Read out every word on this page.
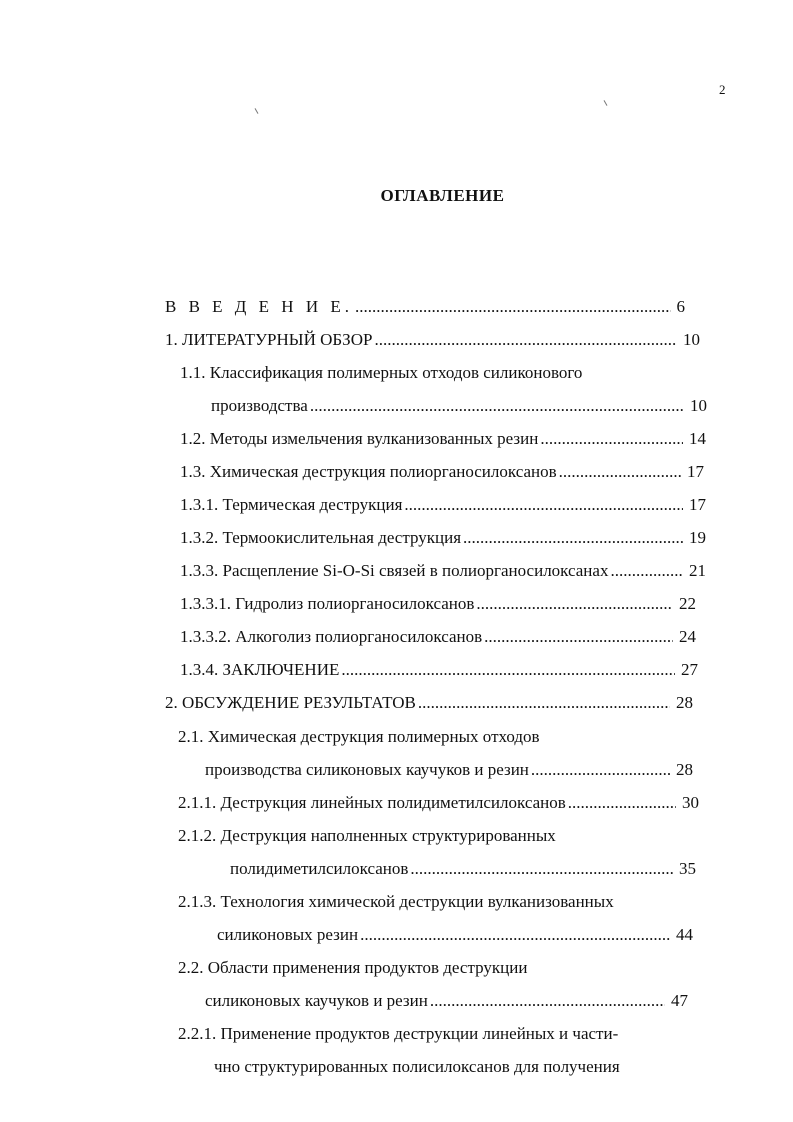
2
ОГЛАВЛЕНИЕ
В В Е Д Е Н И Е. .....	6
1. ЛИТЕРАТУРНЫЙ ОБЗОР .....	10
1.1. Классификация полимерных отходов силиконового
производства .....	10
1.2. Методы измельчения вулканизованных резин .....	14
1.3. Химическая деструкция полиорганосилоксанов .....	17
1.3.1. Термическая деструкция .....	17
1.3.2. Термоокислительная деструкция .....	19
1.3.3. Расщепление Si-O-Si связей в полиорганосилоксанах .....	21
1.3.3.1. Гидролиз полиорганосилоксанов .....	22
1.3.3.2. Алкоголиз полиорганосилоксанов .....	24
1.3.4. ЗАКЛЮЧЕНИЕ .....	27
2. ОБСУЖДЕНИЕ РЕЗУЛЬТАТОВ .....	28
2.1. Химическая деструкция полимерных отходов
производства силиконовых каучуков и резин .....	28
2.1.1. Деструкция линейных полидиметилсилоксанов .....	30
2.1.2. Деструкция наполненных структурированных
полидиметилсилоксанов .....	35
2.1.3. Технология химической деструкции вулканизованных
силиконовых резин .....	44
2.2. Области применения продуктов деструкции
силиконовых каучуков и резин .....	47
2.2.1. Применение продуктов деструкции линейных и части-
чно структурированных полисилоксанов для получения
